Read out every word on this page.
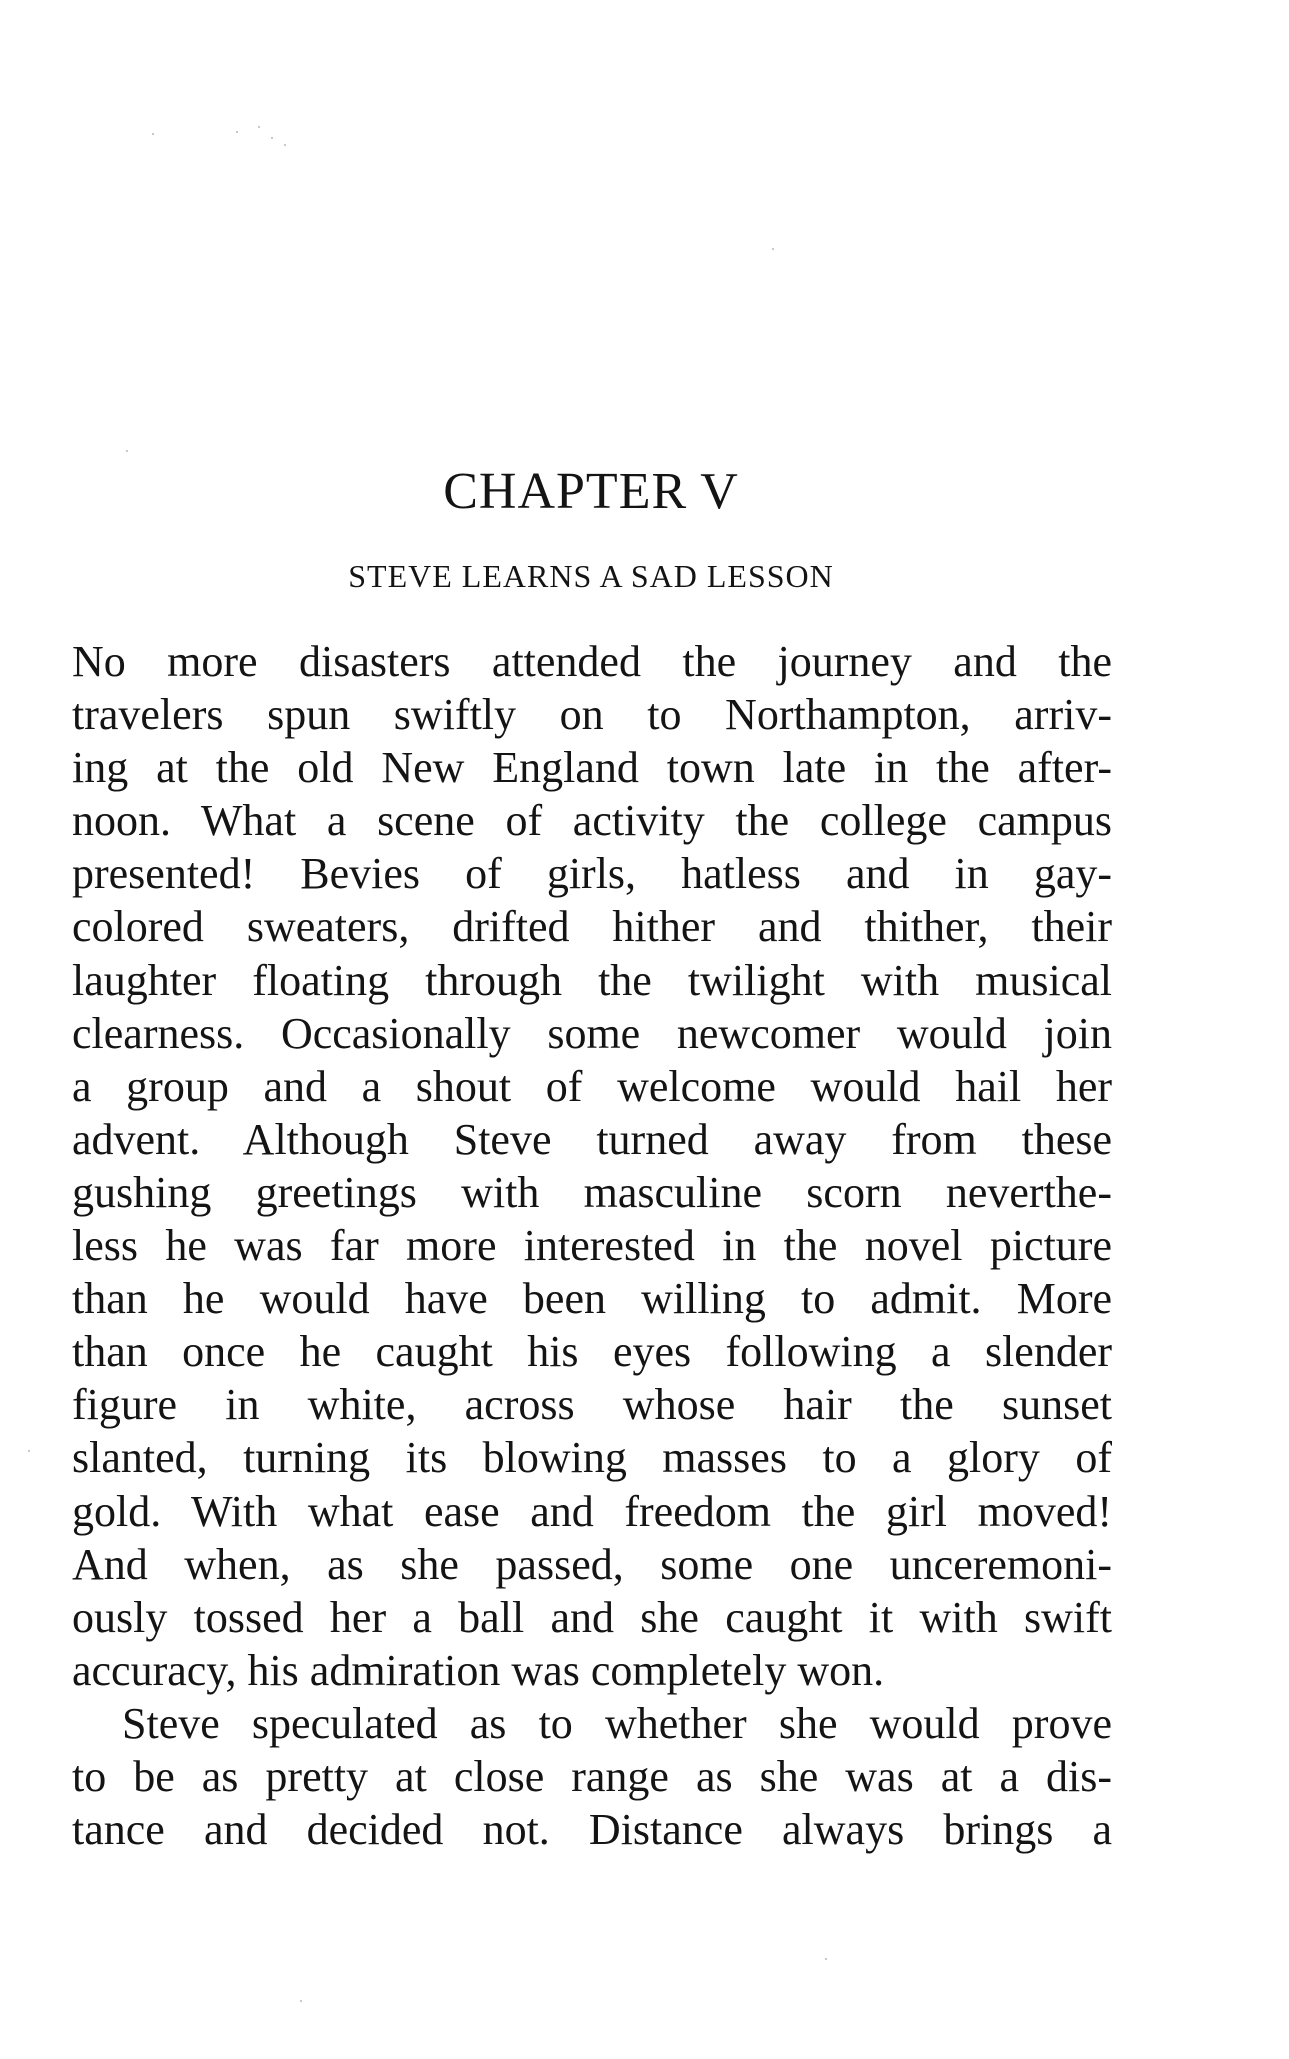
CHAPTER V
STEVE LEARNS A SAD LESSON
No more disasters attended the journey and the
travelers spun swiftly on to Northampton, arriv-
ing at the old New England town late in the after-
noon. What a scene of activity the college campus
presented! Bevies of girls, hatless and in gay-
colored sweaters, drifted hither and thither, their
laughter floating through the twilight with musical
clearness. Occasionally some newcomer would join
a group and a shout of welcome would hail her
advent. Although Steve turned away from these
gushing greetings with masculine scorn neverthe-
less he was far more interested in the novel picture
than he would have been willing to admit. More
than once he caught his eyes following a slender
figure in white, across whose hair the sunset
slanted, turning its blowing masses to a glory of
gold. With what ease and freedom the girl moved!
And when, as she passed, some one unceremoni-
ously tossed her a ball and she caught it with swift
accuracy, his admiration was completely won.
Steve speculated as to whether she would prove
to be as pretty at close range as she was at a dis-
tance and decided not. Distance always brings a
